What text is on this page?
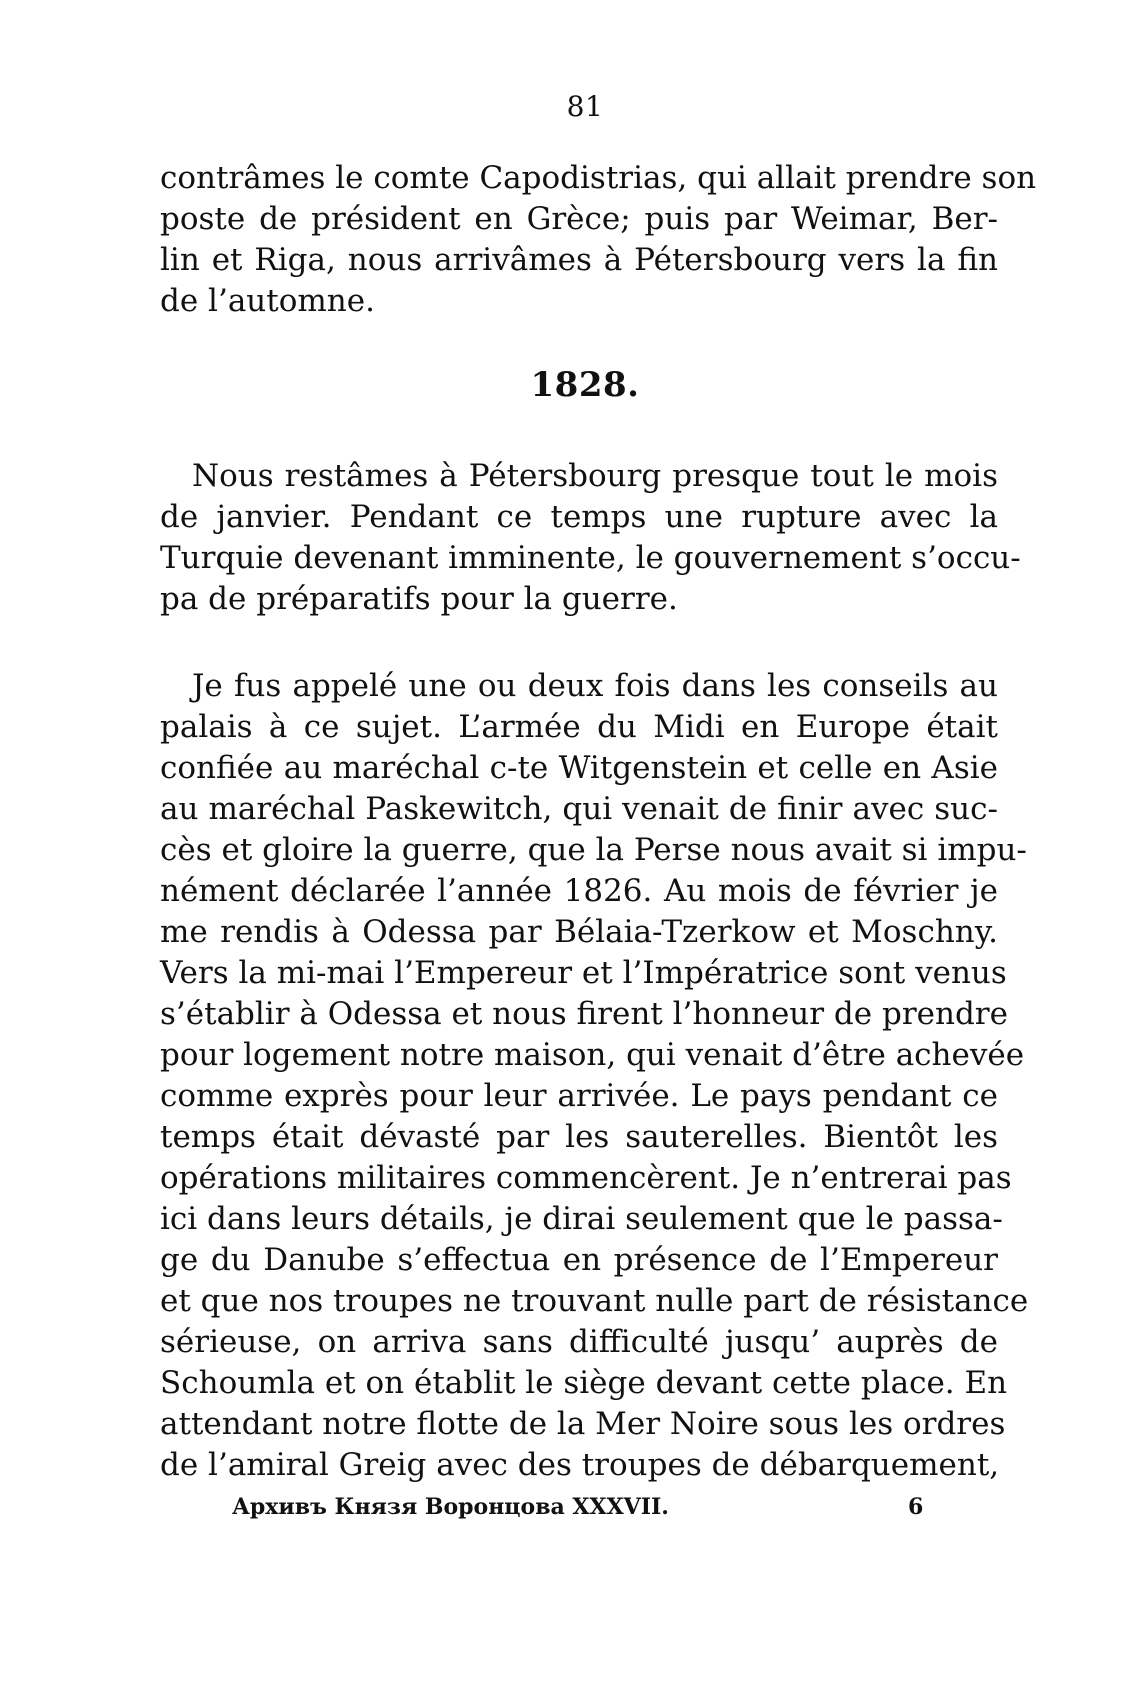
81
contrâmes le comte Capodistrias, qui allait prendre son
poste de président en Grèce; puis par Weimar, Ber-
lin et Riga, nous arrivâmes à Pétersbourg vers la fin
de l’automne.
1828.
Nous restâmes à Pétersbourg presque tout le mois
de janvier. Pendant ce temps une rupture avec la
Turquie devenant imminente, le gouvernement s’occu-
pa de préparatifs pour la guerre.
Je fus appelé une ou deux fois dans les conseils au
palais à ce sujet. L’armée du Midi en Europe était
confiée au maréchal c-te Witgenstein et celle en Asie
au maréchal Paskewitch, qui venait de finir avec suc-
cès et gloire la guerre, que la Perse nous avait si impu-
nément déclarée l’année 1826. Au mois de février je
me rendis à Odessa par Bélaia-Tzerkow et Moschny.
Vers la mi-mai l’Empereur et l’Impératrice sont venus
s’établir à Odessa et nous firent l’honneur de prendre
pour logement notre maison, qui venait d’être achevée
comme exprès pour leur arrivée. Le pays pendant ce
temps était dévasté par les sauterelles. Bientôt les
opérations militaires commencèrent. Je n’entrerai pas
ici dans leurs détails, je dirai seulement que le passa-
ge du Danube s’effectua en présence de l’Empereur
et que nos troupes ne trouvant nulle part de résistance
sérieuse, on arriva sans difficulté jusqu’ auprès de
Schoumla et on établit le siège devant cette place. En
attendant notre flotte de la Mer Noire sous les ordres
de l’amiral Greig avec des troupes de débarquement,
Архивъ Князя Воронцова XXXVII.	6
